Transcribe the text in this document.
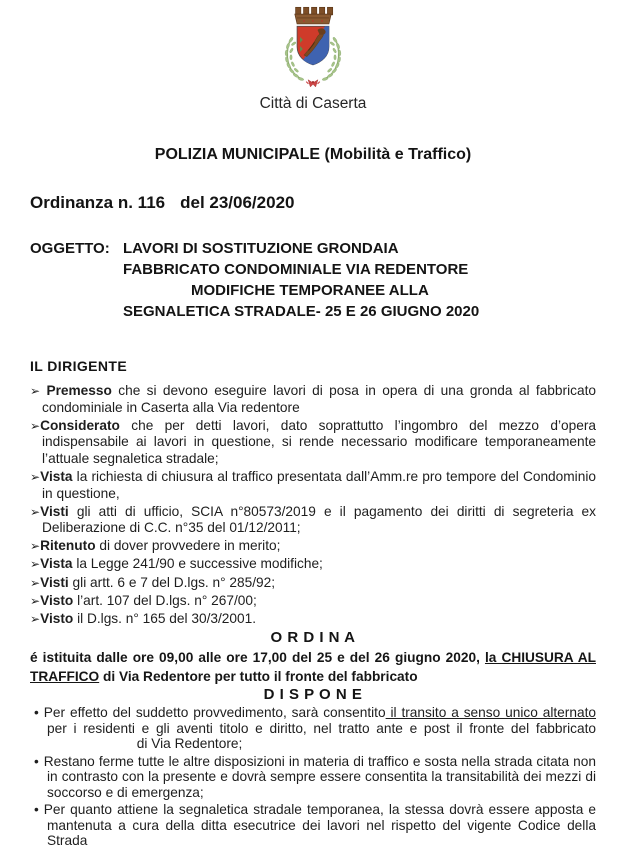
Città di Caserta
POLIZIA MUNICIPALE (Mobilità e Traffico)
Ordinanza n. 116 del 23/06/2020
OGGETTO: LAVORI DI SOSTITUZIONE GRONDAIA
FABBRICATO CONDOMINIALE VIA REDENTORE
MODIFICHE TEMPORANEE ALLA
SEGNALETICA STRADALE- 25 E 26 GIUGNO 2020
IL DIRIGENTE
➢ Premesso che si devono eseguire lavori di posa in opera di una gronda al fabbricato condominiale in Caserta alla Via redentore
➢Considerato che per detti lavori, dato soprattutto l’ingombro del mezzo d’opera indispensabile ai lavori in questione, si rende necessario modificare temporaneamente l’attuale segnaletica stradale;
➢Vista la richiesta di chiusura al traffico presentata dall’Amm.re pro tempore del Condominio in questione,
➢Visti gli atti di ufficio, SCIA n°80573/2019 e il pagamento dei diritti di segreteria ex Deliberazione di C.C. n°35 del 01/12/2011;
➢Ritenuto di dover provvedere in merito;
➢Vista la Legge 241/90 e successive modifiche;
➢Visti gli artt. 6 e 7 del D.lgs. n° 285/92;
➢Visto l’art. 107 del D.lgs. n° 267/00;
➢Visto il D.lgs. n° 165 del 30/3/2001.
O R D I N A

é istituita dalle ore 09,00 alle ore 17,00 del 25 e del 26 giugno 2020, la CHIUSURA AL TRAFFICO di Via Redentore per tutto il fronte del fabbricato

D I S P O N E
• Per effetto del suddetto provvedimento, sarà consentito il transito a senso unico alternato per i residenti e gli aventi titolo e diritto, nel tratto ante e post il fronte del fabbricato di Via Redentore;
• Restano ferme tutte le altre disposizioni in materia di traffico e sosta nella strada citata non in contrasto con la presente e dovrà sempre essere consentita la transitabilità dei mezzi di soccorso e di emergenza;
• Per quanto attiene la segnaletica stradale temporanea, la stessa dovrà essere apposta e mantenuta a cura della ditta esecutrice dei lavori nel rispetto del vigente Codice della Strada
